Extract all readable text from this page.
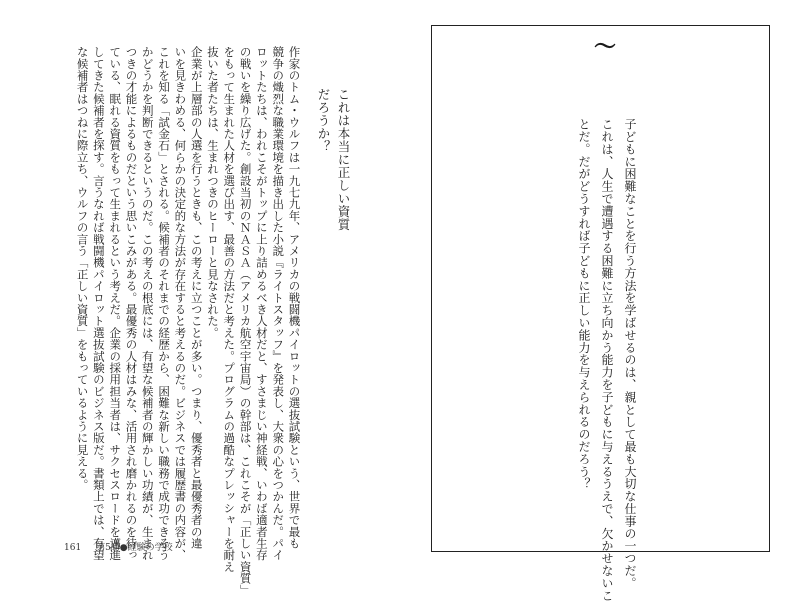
これは本当に正しい資質
だろうか？
作家のトム・ウルフは一九七九年、アメリカの戦闘機パイロットの選抜試験という、世界で最も
競争の熾烈な職業環境を描き出した小説『ライトスタッフ』を発表し、大衆の心をつかんだ。パイ
ロットたちは、われこそがトップに上り詰めるべき人材だと、すさまじい神経戦、いわば適者生存
の戦いを繰り広げた。創設当初のＮＡＳＡ（アメリカ航空宇宙局）の幹部は、これこそが「正しい資質」
をもって生まれた人材を選び出す、最善の方法だと考えた。プログラムの過酷なプレッシャーを耐え
抜いた者たちは、生まれつきのヒーローと見なされた。
企業が上層部の人選を行うときも、この考えに立つことが多い。つまり、優秀者と最優秀者の違
いを見きわめる、何らかの決定的な方法が存在すると考えるのだ。ビジネスでは履歴書の内容が、
これを知る「試金石」とされる。候補者のそれまでの経歴から、困難な新しい職務で成功できそう
かどうかを判断できるというのだ。この考えの根底には、有望な候補者の輝かしい功績が、生まれ
つきの才能によるものだという思いこみがある。最優秀の人材はみな、活用され磨かれるのを待っ
ている、眠れる資質をもって生まれるという考えだ。企業の採用担当者は、サクセスロードを邁進
してきた候補者を探す。言うなれば戦闘機パイロット選抜試験のビジネス版だ。書類上では、有望
な候補者はつねに際立ち、ウルフの言う「正しい資質」をもっているように見える。
161 第5講●経験の学校
〜
子どもに困難なことを行う方法を学ばせるのは、親として最も大切な仕事の一つだ。
これは、人生で遭遇する困難に立ち向かう能力を子どもに与えるうえで、欠かせないこ
とだ。だがどうすれば子どもに正しい能力を与えられるのだろう？
